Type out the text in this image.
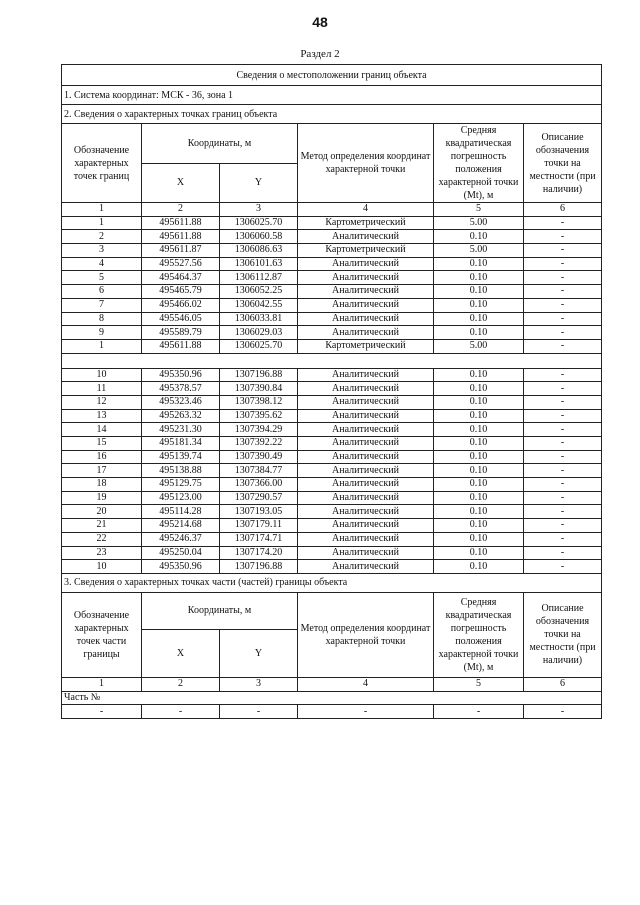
48
Раздел 2
Сведения о местоположении границ объекта					
1. Система координат: МСК - 36, зона 1					
2. Сведения о характерных точках границ объекта					
Обозначение характерных точек границ	Координаты, м		Метод определения координат характерной точки	Средняя квадратическая погрешность положения характерной точки (Mt), м	Описание обозначения точки на местности (при наличии)
	X	Y			
1	2	3	4	5	6
1	495611.88	1306025.70	Картометрический	5.00	-
2	495611.88	1306060.58	Аналитический	0.10	-
3	495611.87	1306086.63	Картометрический	5.00	-
4	495527.56	1306101.63	Аналитический	0.10	-
5	495464.37	1306112.87	Аналитический	0.10	-
6	495465.79	1306052.25	Аналитический	0.10	-
7	495466.02	1306042.55	Аналитический	0.10	-
8	495546.05	1306033.81	Аналитический	0.10	-
9	495589.79	1306029.03	Аналитический	0.10	-
1	495611.88	1306025.70	Картометрический	5.00	-

10	495350.96	1307196.88	Аналитический	0.10	-
11	495378.57	1307390.84	Аналитический	0.10	-
12	495323.46	1307398.12	Аналитический	0.10	-
13	495263.32	1307395.62	Аналитический	0.10	-
14	495231.30	1307394.29	Аналитический	0.10	-
15	495181.34	1307392.22	Аналитический	0.10	-
16	495139.74	1307390.49	Аналитический	0.10	-
17	495138.88	1307384.77	Аналитический	0.10	-
18	495129.75	1307366.00	Аналитический	0.10	-
19	495123.00	1307290.57	Аналитический	0.10	-
20	495114.28	1307193.05	Аналитический	0.10	-
21	495214.68	1307179.11	Аналитический	0.10	-
22	495246.37	1307174.71	Аналитический	0.10	-
23	495250.04	1307174.20	Аналитический	0.10	-
10	495350.96	1307196.88	Аналитический	0.10	-
3. Сведения о характерных точках части (частей) границы объекта					
Обозначение характерных точек части границы	Координаты, м		Метод определения координат характерной точки	Средняя квадратическая погрешность положения характерной точки (Mt), м	Описание обозначения точки на местности (при наличии)
	X	Y			
1	2	3	4	5	6
Часть №					
-	-	-	-	-	-
